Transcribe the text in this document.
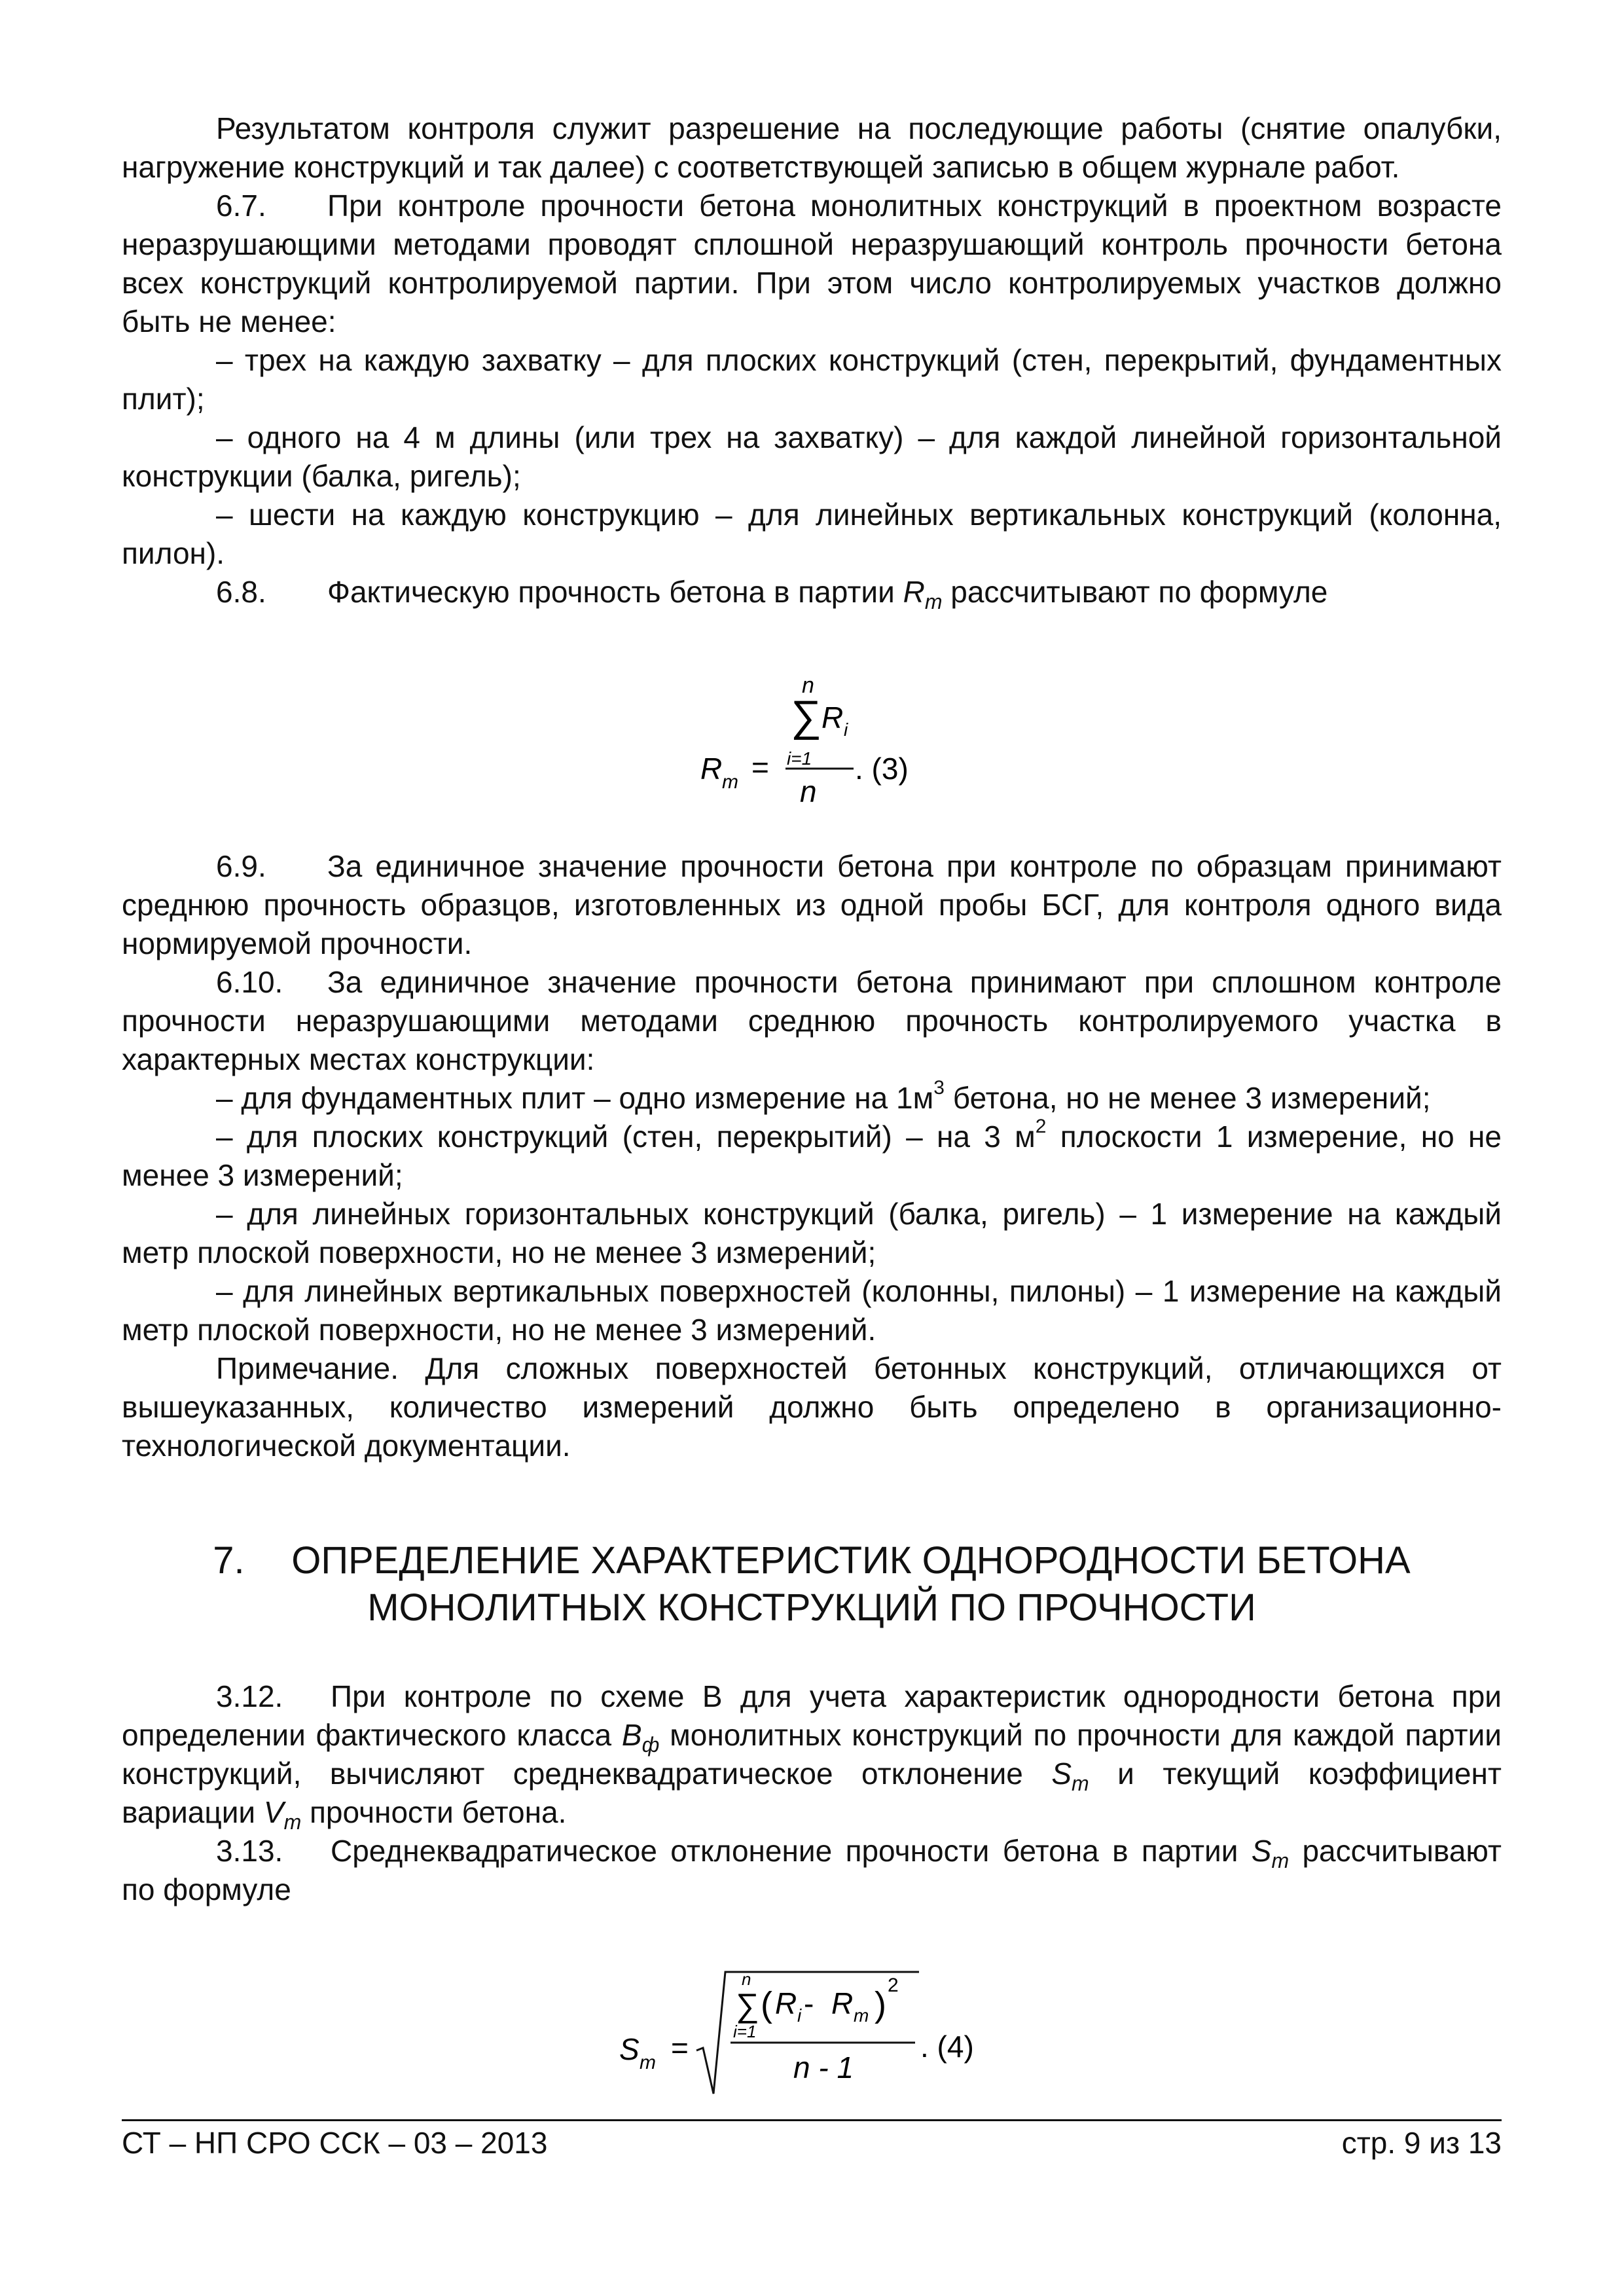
Результатом контроля служит разрешение на последующие работы (снятие опалубки, нагружение конструкций и так далее) с соответствующей записью в общем журнале работ.

6.7. При контроле прочности бетона монолитных конструкций в проектном возрасте неразрушающими методами проводят сплошной неразрушающий контроль прочности бетона всех конструкций контролируемой партии. При этом число контролируемых участков должно быть не менее:

– трех на каждую захватку – для плоских конструкций (стен, перекрытий, фундаментных плит);

– одного на 4 м длины (или трех на захватку) – для каждой линейной горизонтальной конструкции (балка, ригель);

– шести на каждую конструкцию – для линейных вертикальных конструкций (колонна, пилон).

6.8. Фактическую прочность бетона в партии $R_m$ рассчитывают по формуле

6.9. За единичное значение прочности бетона при контроле по образцам принимают среднюю прочность образцов, изготовленных из одной пробы БСГ, для контроля одного вида нормируемой прочности.

6.10. За единичное значение прочности бетона принимают при сплошном контроле прочности неразрушающими методами среднюю прочность контролируемого участка в характерных местах конструкции:

– для фундаментных плит – одно измерение на $1м^3$ бетона, но не менее 3 измерений;

– для плоских конструкций (стен, перекрытий) – на 3 $м^2$ плоскости 1 измерение, но не менее 3 измерений;

– для линейных горизонтальных конструкций (балка, ригель) – 1 измерение на каждый метр плоской поверхности, но не менее 3 измерений;

– для линейных вертикальных поверхностей (колонны, пилоны) – 1 измерение на каждый метр плоской поверхности, но не менее 3 измерений.

Примечание. Для сложных поверхностей бетонных конструкций, отличающихся от вышеуказанных, количество измерений должно быть определено в организационно-технологической документации.

7. ОПРЕДЕЛЕНИЕ ХАРАКТЕРИСТИК ОДНОРОДНОСТИ БЕТОНА
МОНОЛИТНЫХ КОНСТРУКЦИЙ ПО ПРОЧНОСТИ

3.12. При контроле по схеме В для учета характеристик однородности бетона при определении фактического класса $В_ф$ монолитных конструкций по прочности для каждой партии конструкций, вычисляют среднеквадратическое отклонение $S_m$ и текущий коэффициент вариации $V_m$ прочности бетона.

3.13. Среднеквадратическое отклонение прочности бетона в партии $S_m$ рассчитывают по формуле

n
∑ R i
i=1
n
R m =	. (3)
S m =
n
∑
i=1
( R i - R m ) 2
n - 1
. (4)
СТ – НП СРО ССК – 03 – 2013	стр. 9 из 13
